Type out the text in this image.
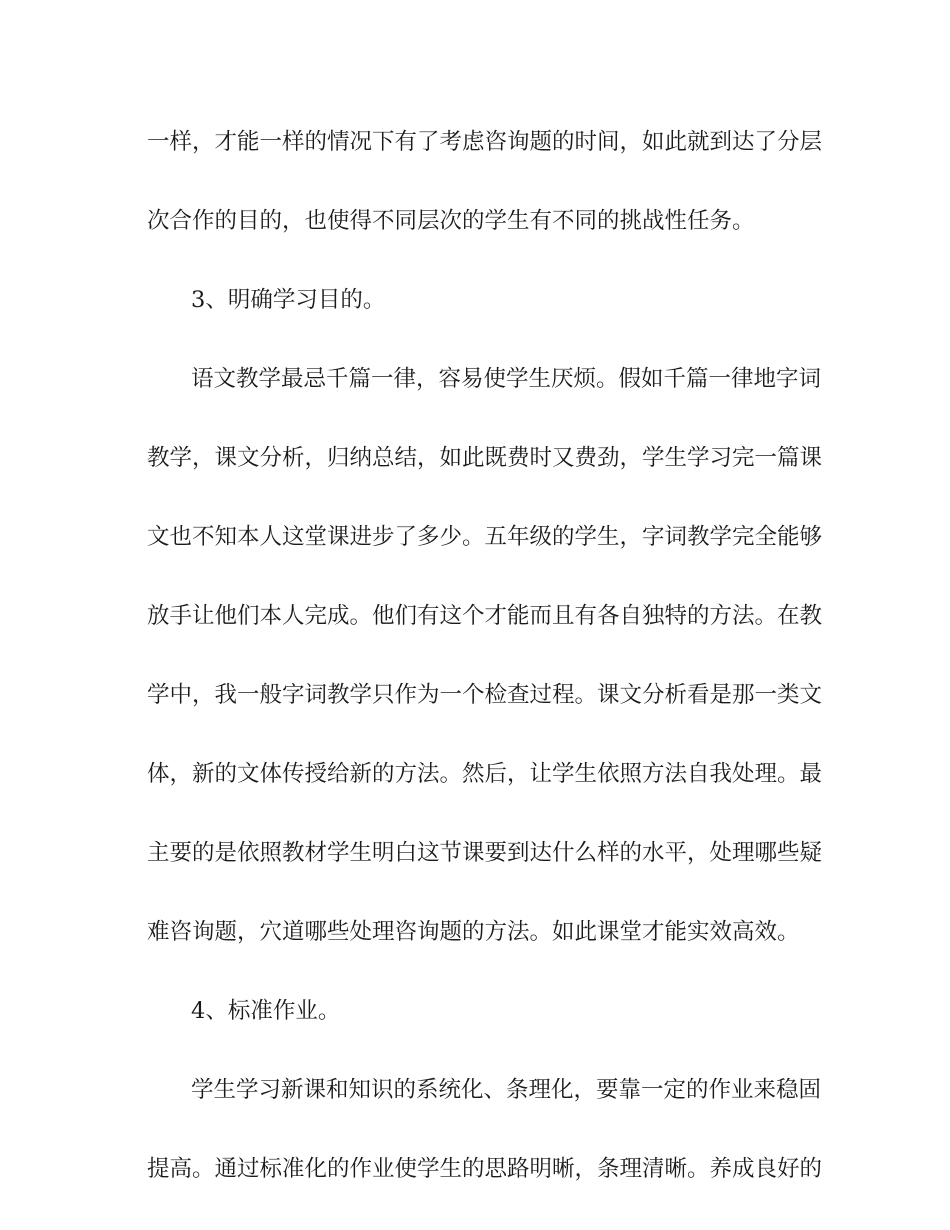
一样，才能一样的情况下有了考虑咨询题的时间，如此就到达了分层
次合作的目的，也使得不同层次的学生有不同的挑战性任务。
3、明确学习目的。
语文教学最忌千篇一律，容易使学生厌烦。假如千篇一律地字词
教学，课文分析，归纳总结，如此既费时又费劲，学生学习完一篇课
文也不知本人这堂课进步了多少。五年级的学生，字词教学完全能够
放手让他们本人完成。他们有这个才能而且有各自独特的方法。在教
学中，我一般字词教学只作为一个检查过程。课文分析看是那一类文
体，新的文体传授给新的方法。然后，让学生依照方法自我处理。最
主要的是依照教材学生明白这节课要到达什么样的水平，处理哪些疑
难咨询题，穴道哪些处理咨询题的方法。如此课堂才能实效高效。
4、标准作业。
学生学习新课和知识的系统化、条理化，要靠一定的作业来稳固
提高。通过标准化的作业使学生的思路明晰，条理清晰。养成良好的
